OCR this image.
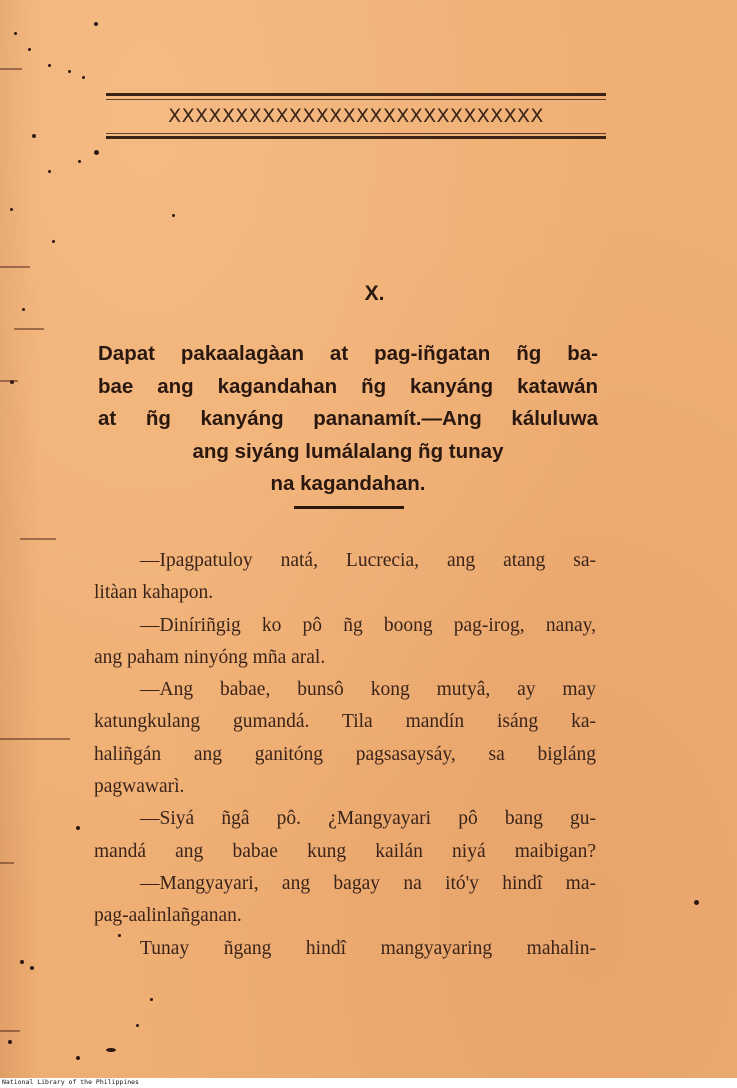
XXXXXXXXXXXXXXXXXXXXXXXXXXXX
X.
Dapat pakaalagàan at pag-iñgatan ñg ba-
bae ang kagandahan ñg kanyáng katawán
at ñg kanyáng pananamít.—Ang káluluwa
ang siyáng lumálalang ñg tunay
na kagandahan.
—Ipagpatuloy natá, Lucrecia, ang atang sa-
litàan kahapon.
—Diníriñgig ko pô ñg boong pag-irog, nanay,
ang paham ninyóng mña aral.
—Ang babae, bunsô kong mutyâ, ay may
katungkulang gumandá. Tila mandín isáng ka-
haliñgán ang ganitóng pagsasaysáy, sa bigláng
pagwawarì.
—Siyá ñgâ pô. ¿Mangyayari pô bang gu-
mandá ang babae kung kailán niyá maibigan?
—Mangyayari, ang bagay na itó'y hindî ma-
pag-aalinlañganan.
Tunay ñgang hindî mangyayaring mahalin-
National Library of the Philippines
